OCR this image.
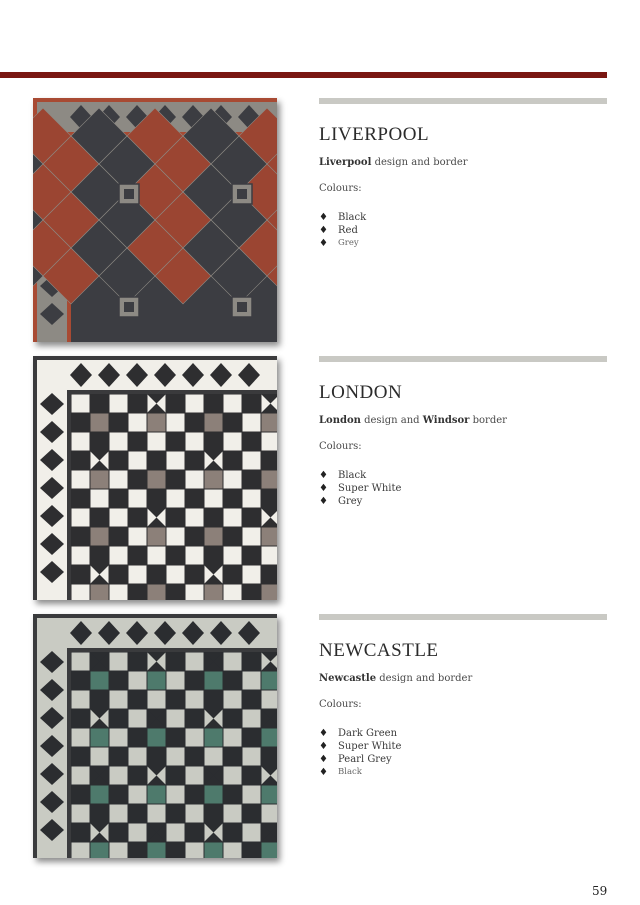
LIVERPOOL
Liverpool design and border
Colours:
♦	Black
♦	Red
♦	Grey
LONDON
London design and Windsor border
Colours:
♦	Black
♦	Super White
♦	Grey
NEWCASTLE
Newcastle design and border
Colours:
♦	Dark Green
♦	Super White
♦	Pearl Grey
♦	Black
59
